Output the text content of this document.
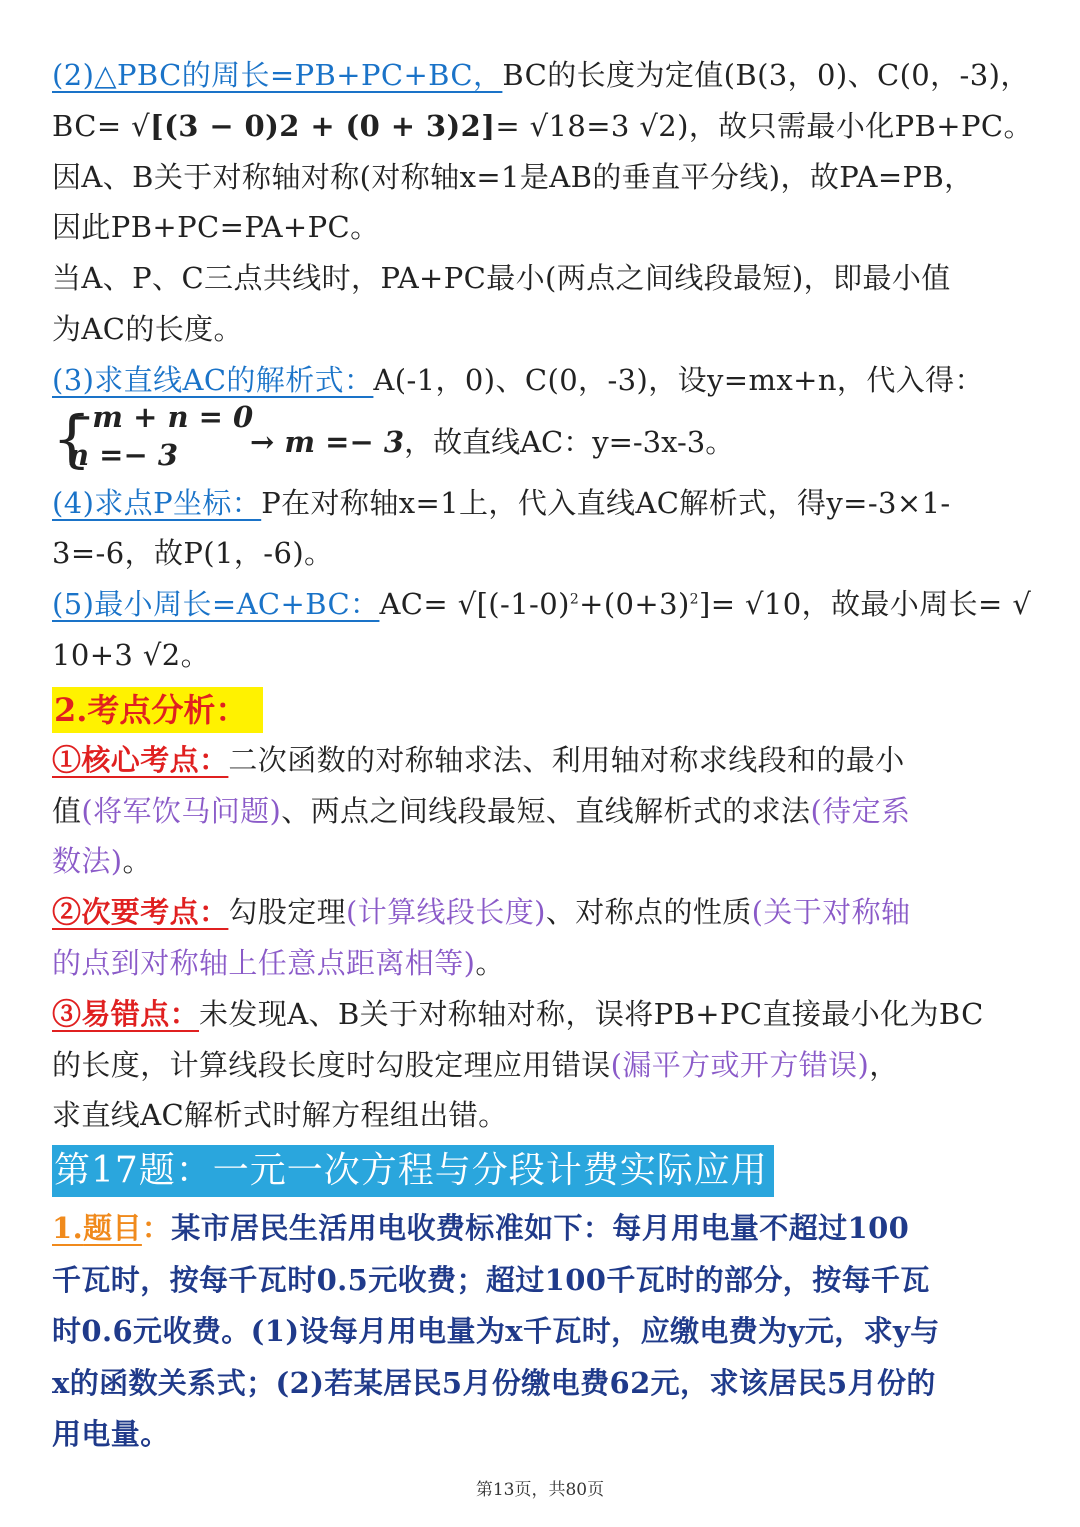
(2)△PBC的周长=PB+PC+BC，BC的长度为定值(B(3，0)、C(0，-3)，
BC= √[(3 − 0)2 + (0 + 3)2]= √18=3 √2)，故只需最小化PB+PC。
因A、B关于对称轴对称(对称轴x=1是AB的垂直平分线)，故PA=PB，
因此PB+PC=PA+PC。
当A、P、C三点共线时，PA+PC最小(两点之间线段最短)，即最小值
为AC的长度。
(3)求直线AC的解析式：A(-1，0)、C(0，-3)，设y=mx+n，代入得：
{
−m + n = 0
n =− 3 → m =− 3，故直线AC：y=-3x-3。
(4)求点P坐标：P在对称轴x=1上，代入直线AC解析式，得y=-3×1-
3=-6，故P(1，-6)。
(5)最小周长=AC+BC：$AC= √[(-1-0)^2+(0+3)^2]= √10$，故最小周长= √
10+3 √2。
2.考点分析：
①核心考点：二次函数的对称轴求法、利用轴对称求线段和的最小
值(将军饮马问题)、两点之间线段最短、直线解析式的求法(待定系
数法)。
②次要考点：勾股定理(计算线段长度)、对称点的性质(关于对称轴
的点到对称轴上任意点距离相等)。
③易错点：未发现A、B关于对称轴对称，误将PB+PC直接最小化为BC
的长度，计算线段长度时勾股定理应用错误(漏平方或开方错误)，
求直线AC解析式时解方程组出错。
第17题：一元一次方程与分段计费实际应用
1.题目：某市居民生活用电收费标准如下：每月用电量不超过100
千瓦时，按每千瓦时0.5元收费；超过100千瓦时的部分，按每千瓦
时0.6元收费。(1)设每月用电量为x千瓦时，应缴电费为y元，求y与
x的函数关系式；(2)若某居民5月份缴电费62元，求该居民5月份的
用电量。
第13页，共80页
